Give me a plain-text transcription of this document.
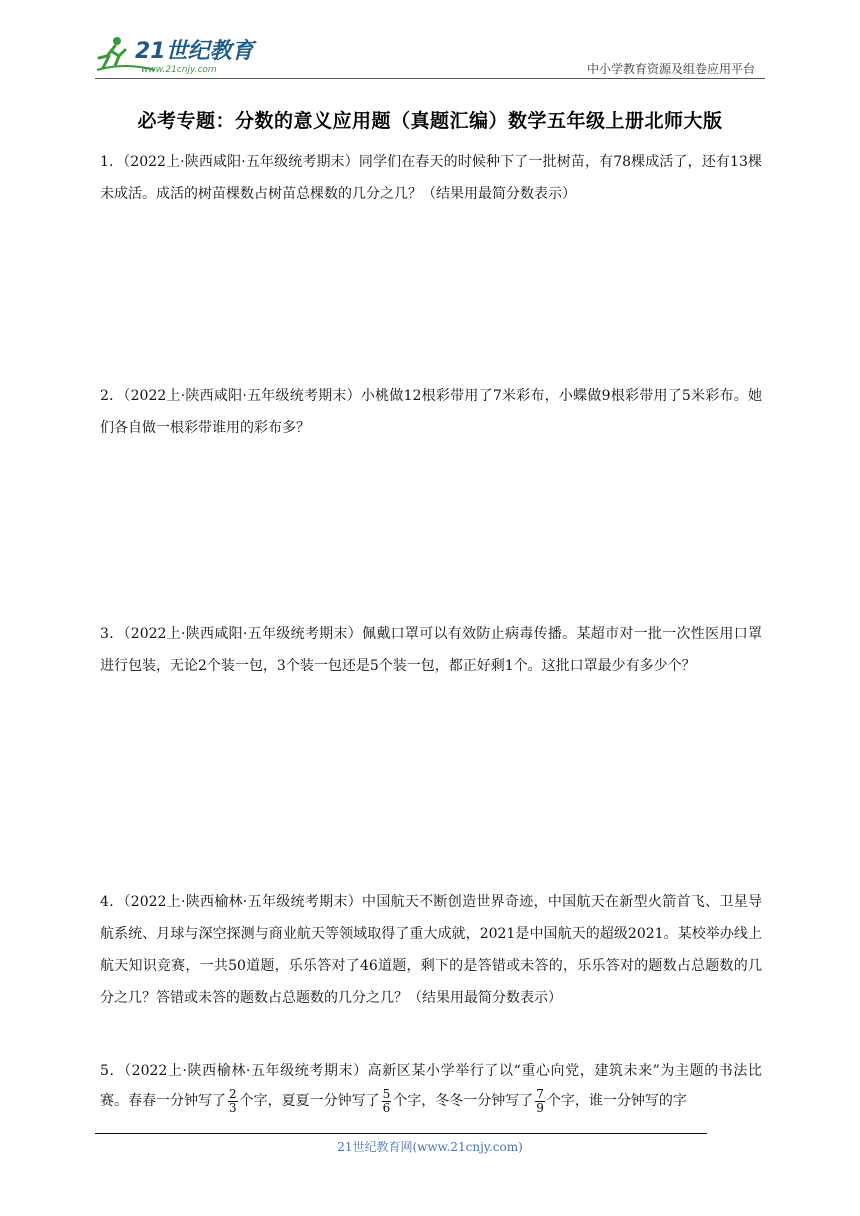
21世纪教育
www.21cnjy.com	中小学教育资源及组卷应用平台
必考专题：分数的意义应用题（真题汇编）数学五年级上册北师大版
1．（2022上·陕西咸阳·五年级统考期末）同学们在春天的时候种下了一批树苗，有78棵成活了，还有13棵未成活。成活的树苗棵数占树苗总棵数的几分之几？（结果用最简分数表示）
2．（2022上·陕西咸阳·五年级统考期末）小桃做12根彩带用了7米彩布，小蝶做9根彩带用了5米彩布。她们各自做一根彩带谁用的彩布多？
3．（2022上·陕西咸阳·五年级统考期末）佩戴口罩可以有效防止病毒传播。某超市对一批一次性医用口罩进行包装，无论2个装一包，3个装一包还是5个装一包，都正好剩1个。这批口罩最少有多少个？
4．（2022上·陕西榆林·五年级统考期末）中国航天不断创造世界奇迹，中国航天在新型火箭首飞、卫星导航系统、月球与深空探测与商业航天等领域取得了重大成就，2021是中国航天的超级2021。某校举办线上航天知识竞赛，一共50道题，乐乐答对了46道题，剩下的是答错或未答的，乐乐答对的题数占总题数的几分之几？答错或未答的题数占总题数的几分之几？（结果用最简分数表示）
5．（2022上·陕西榆林·五年级统考期末）高新区某小学举行了以“重心向党，建筑未来”为主题的书法比赛。春春一分钟写了 $\frac{2}{3}$ 个字，夏夏一分钟写了 $\frac{5}{6}$ 个字，冬冬一分钟写了 $\frac{7}{9}$ 个字，谁一分钟写的字
21世纪教育网(www.21cnjy.com)
